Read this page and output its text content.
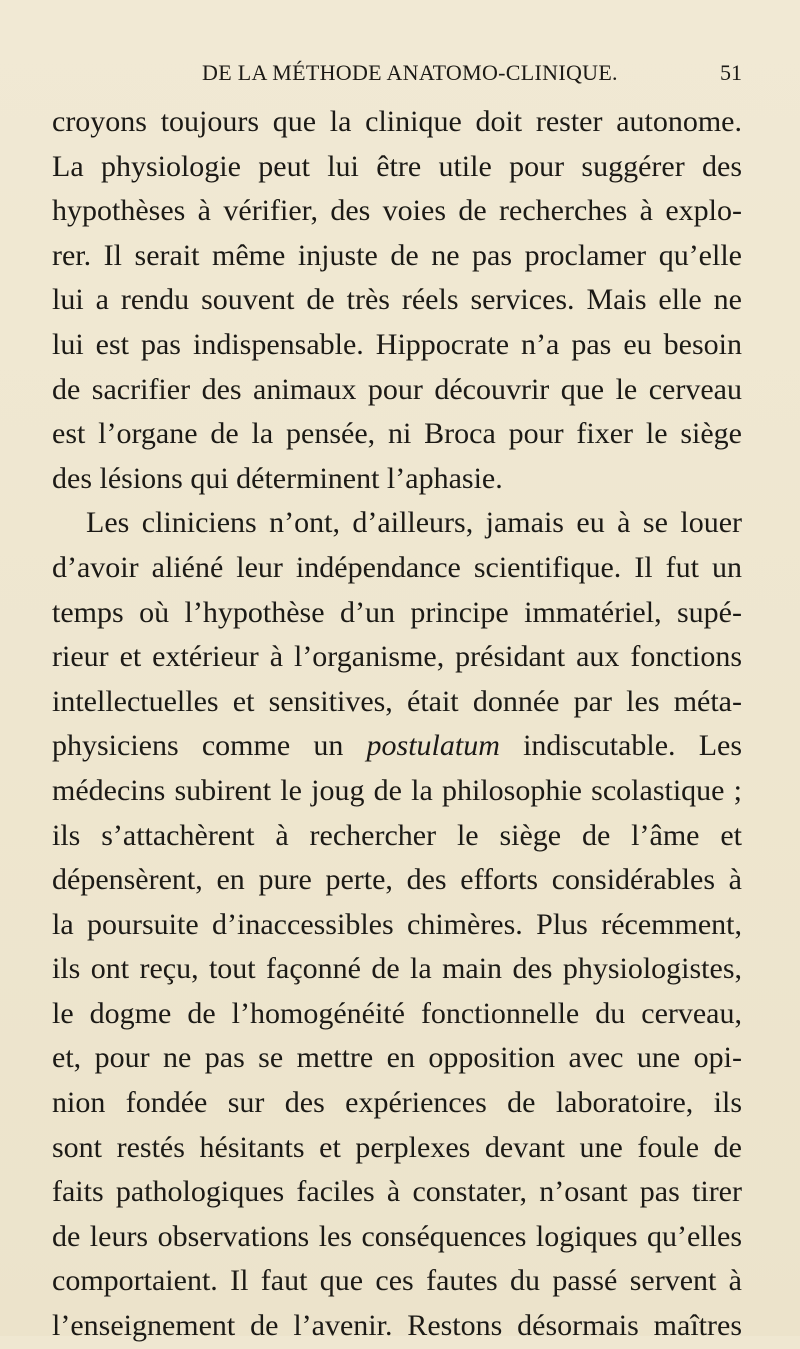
DE LA MÉTHODE ANATOMO-CLINIQUE.	51
croyons toujours que la clinique doit rester autonome.
La physiologie peut lui être utile pour suggérer des
hypothèses à vérifier, des voies de recherches à explo-
rer. Il serait même injuste de ne pas proclamer qu’elle
lui a rendu souvent de très réels services. Mais elle ne
lui est pas indispensable. Hippocrate n’a pas eu besoin
de sacrifier des animaux pour découvrir que le cerveau
est l’organe de la pensée, ni Broca pour fixer le siège
des lésions qui déterminent l’aphasie.
Les cliniciens n’ont, d’ailleurs, jamais eu à se louer
d’avoir aliéné leur indépendance scientifique. Il fut un
temps où l’hypothèse d’un principe immatériel, supé-
rieur et extérieur à l’organisme, présidant aux fonctions
intellectuelles et sensitives, était donnée par les méta-
physiciens comme un postulatum indiscutable. Les
médecins subirent le joug de la philosophie scolastique ;
ils s’attachèrent à rechercher le siège de l’âme et
dépensèrent, en pure perte, des efforts considérables à
la poursuite d’inaccessibles chimères. Plus récemment,
ils ont reçu, tout façonné de la main des physiologistes,
le dogme de l’homogénéité fonctionnelle du cerveau,
et, pour ne pas se mettre en opposition avec une opi-
nion fondée sur des expériences de laboratoire, ils
sont restés hésitants et perplexes devant une foule de
faits pathologiques faciles à constater, n’osant pas tirer
de leurs observations les conséquences logiques qu’elles
comportaient. Il faut que ces fautes du passé servent à
l’enseignement de l’avenir. Restons désormais maîtres
